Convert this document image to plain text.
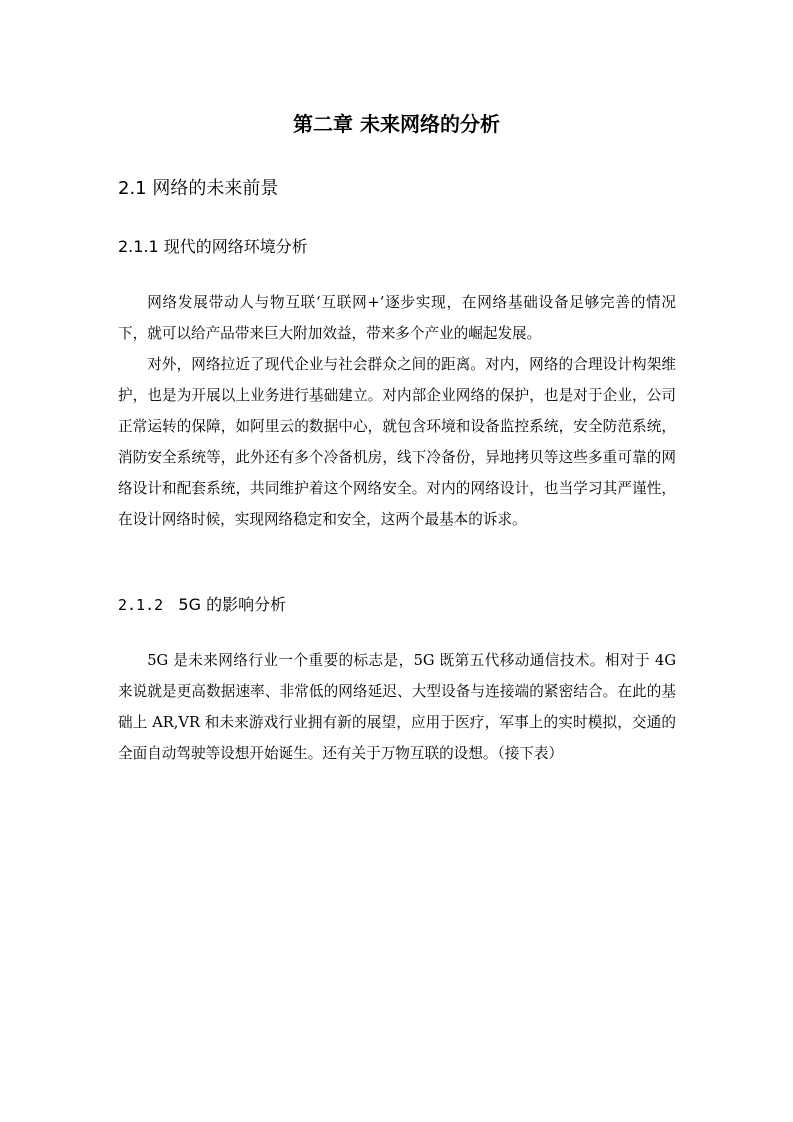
第二章 未来网络的分析
2.1 网络的未来前景
2.1.1 现代的网络环境分析

网络发展带动人与物互联‘互联网+’逐步实现，在网络基础设备足够完善的情况下，就可以给产品带来巨大附加效益，带来多个产业的崛起发展。

对外，网络拉近了现代企业与社会群众之间的距离。对内，网络的合理设计构架维护，也是为开展以上业务进行基础建立。对内部企业网络的保护，也是对于企业，公司正常运转的保障，如阿里云的数据中心，就包含环境和设备监控系统，安全防范系统，消防安全系统等，此外还有多个冷备机房，线下冷备份，异地拷贝等这些多重可靠的网络设计和配套系统，共同维护着这个网络安全。对内的网络设计，也当学习其严谨性，在设计网络时候，实现网络稳定和安全，这两个最基本的诉求。

2.1.2 5G 的影响分析

5G 是未来网络行业一个重要的标志是，5G 既第五代移动通信技术。相对于 4G 来说就是更高数据速率、非常低的网络延迟、大型设备与连接端的紧密结合。在此的基础上 AR,VR 和未来游戏行业拥有新的展望，应用于医疗，军事上的实时模拟，交通的全面自动驾驶等设想开始诞生。还有关于万物互联的设想。（接下表）
